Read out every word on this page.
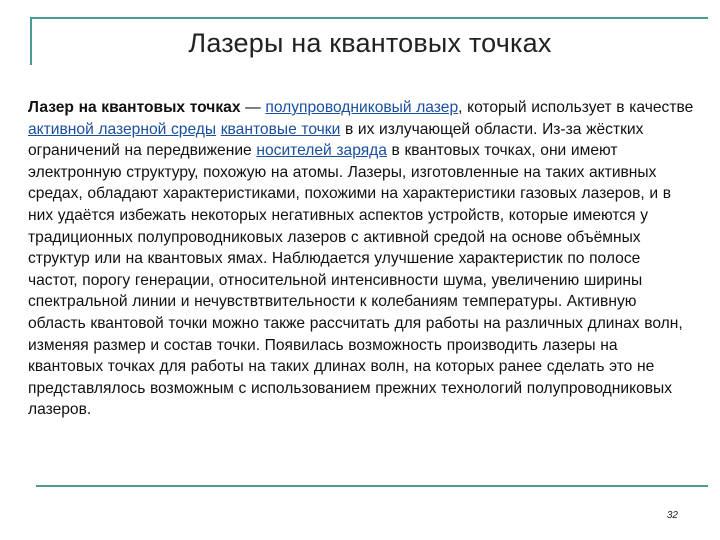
Лазеры на квантовых точках
Лазер на квантовых точках — полупроводниковый лазер, который использует в качестве активной лазерной среды квантовые точки в их излучающей области. Из-за жёстких ограничений на передвижение носителей заряда в квантовых точках, они имеют электронную структуру, похожую на атомы. Лазеры, изготовленные на таких активных средах, обладают характеристиками, похожими на характеристики газовых лазеров, и в них удаётся избежать некоторых негативных аспектов устройств, которые имеются у традиционных полупроводниковых лазеров с активной средой на основе объёмных структур или на квантовых ямах. Наблюдается улучшение характеристик по полосе частот, порогу генерации, относительной интенсивности шума, увеличению ширины спектральной линии и нечувствтвительности к колебаниям температуры. Активную область квантовой точки можно также рассчитать для работы на различных длинах волн, изменяя размер и состав точки. Появилась возможность производить лазеры на квантовых точках для работы на таких длинах волн, на которых ранее сделать это не представлялось возможным с использованием прежних технологий полупроводниковых лазеров.
32
